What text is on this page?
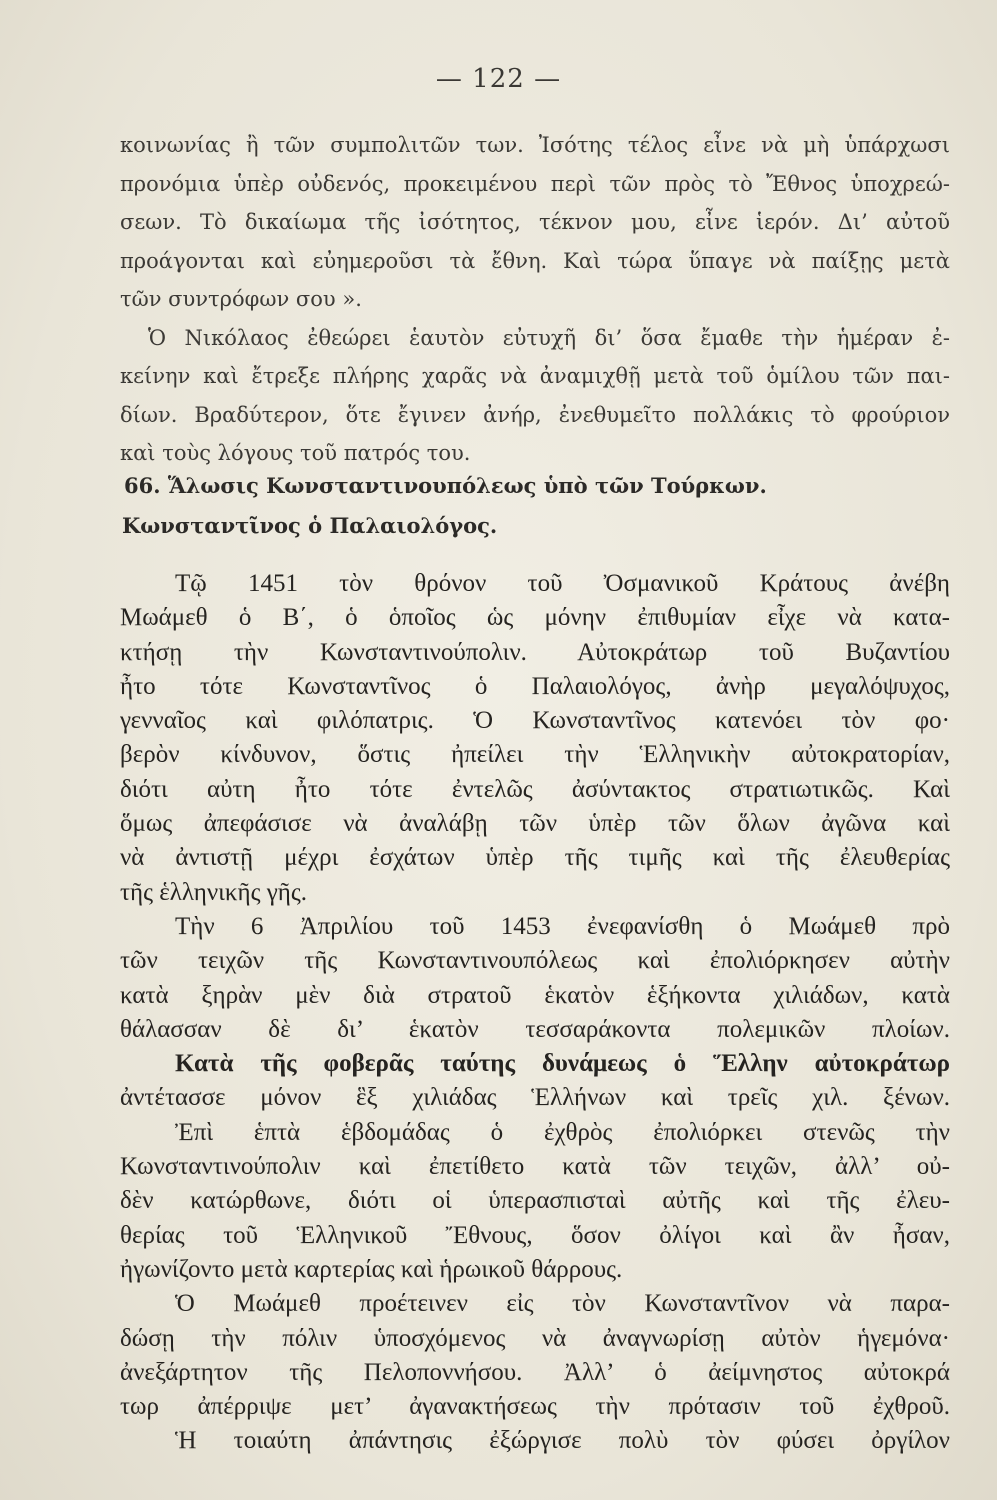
— 122 —
κοινωνίας ἢ τῶν συμπολιτῶν των. Ἰσότης τέλος εἶνε νὰ μὴ ὑπάρχωσι
προνόμια ὑπὲρ οὐδενός, προκειμένου περὶ τῶν πρὸς τὸ Ἔθνος ὑποχρεώ-
σεων. Τὸ δικαίωμα τῆς ἰσότητος, τέκνον μου, εἶνε ἱερόν. Δι’ αὐτοῦ
προάγονται καὶ εὐημεροῦσι τὰ ἔθνη. Καὶ τώρα ὕπαγε νὰ παίξῃς μετὰ
τῶν συντρόφων σου ».
Ὁ Νικόλαος ἐθεώρει ἑαυτὸν εὐτυχῆ δι’ ὅσα ἔμαθε τὴν ἡμέραν ἐ-
κείνην καὶ ἔτρεξε πλήρης χαρᾶς νὰ ἀναμιχθῇ μετὰ τοῦ ὁμίλου τῶν παι-
δίων. Βραδύτερον, ὅτε ἔγινεν ἀνήρ, ἐνεθυμεῖτο πολλάκις τὸ φρούριον
καὶ τοὺς λόγους τοῦ πατρός του.
66. Ἅλωσις Κωνσταντινουπόλεως ὑπὸ τῶν Τούρκων.
Κωνσταντῖνος ὁ Παλαιολόγος.
Τῷ 1451 τὸν θρόνον τοῦ Ὀσμανικοῦ Κράτους ἀνέβη
Μωάμεθ ὁ Β΄, ὁ ὁποῖος ὡς μόνην ἐπιθυμίαν εἶχε νὰ κατα-
κτήσῃ τὴν Κωνσταντινούπολιν. Αὐτοκράτωρ τοῦ Βυζαντίου
ἦτο τότε Κωνσταντῖνος ὁ Παλαιολόγος, ἀνὴρ μεγαλόψυχος,
γενναῖος καὶ φιλόπατρις. Ὁ Κωνσταντῖνος κατενόει τὸν φο·
βερὸν κίνδυνον, ὅστις ἠπείλει τὴν Ἑλληνικὴν αὐτοκρατορίαν,
διότι αὐτη ἦτο τότε ἐντελῶς ἀσύντακτος στρατιωτικῶς. Καὶ
ὅμως ἀπεφάσισε νὰ ἀναλάβῃ τῶν ὑπὲρ τῶν ὅλων ἀγῶνα καὶ
νὰ ἀντιστῇ μέχρι ἐσχάτων ὑπὲρ τῆς τιμῆς καὶ τῆς ἐλευθερίας
τῆς ἑλληνικῆς γῆς.
Τὴν 6 Ἀπριλίου τοῦ 1453 ἐνεφανίσθη ὁ Μωάμεθ πρὸ
τῶν τειχῶν τῆς Κωνσταντινουπόλεως καὶ ἐπολιόρκησεν αὐτὴν
κατὰ ξηρὰν μὲν διὰ στρατοῦ ἑκατὸν ἑξήκοντα χιλιάδων, κατὰ
θάλασσαν δὲ δι’ ἑκατὸν τεσσαράκοντα πολεμικῶν πλοίων.
Κατὰ τῆς φοβερᾶς ταύτης δυνάμεως ὁ Ἕλλην αὐτοκράτωρ
ἀντέτασσε μόνον ἓξ χιλιάδας Ἑλλήνων καὶ τρεῖς χιλ. ξένων.
Ἐπὶ ἑπτὰ ἑβδομάδας ὁ ἐχθρὸς ἐπολιόρκει στενῶς τὴν
Κωνσταντινούπολιν καὶ ἐπετίθετο κατὰ τῶν τειχῶν, ἀλλ’ οὐ-
δὲν κατώρθωνε, διότι οἱ ὑπερασπισταὶ αὐτῆς καὶ τῆς ἐλευ-
θερίας τοῦ Ἑλληνικοῦ Ἔθνους, ὅσον ὀλίγοι καὶ ἂν ἦσαν,
ἠγωνίζοντο μετὰ καρτερίας καὶ ἡρωικοῦ θάρρους.
Ὁ Μωάμεθ προέτεινεν εἰς τὸν Κωνσταντῖνον νὰ παρα-
δώσῃ τὴν πόλιν ὑποσχόμενος νὰ ἀναγνωρίσῃ αὐτὸν ἡγεμόνα·
ἀνεξάρτητον τῆς Πελοποννήσου. Ἀλλ’ ὁ ἀείμνηστος αὐτοκρά
τωρ ἀπέρριψε μετ’ ἀγανακτήσεως τὴν πρότασιν τοῦ ἐχθροῦ.
Ἡ τοιαύτη ἀπάντησις ἐξώργισε πολὺ τὸν φύσει ὀργίλον
